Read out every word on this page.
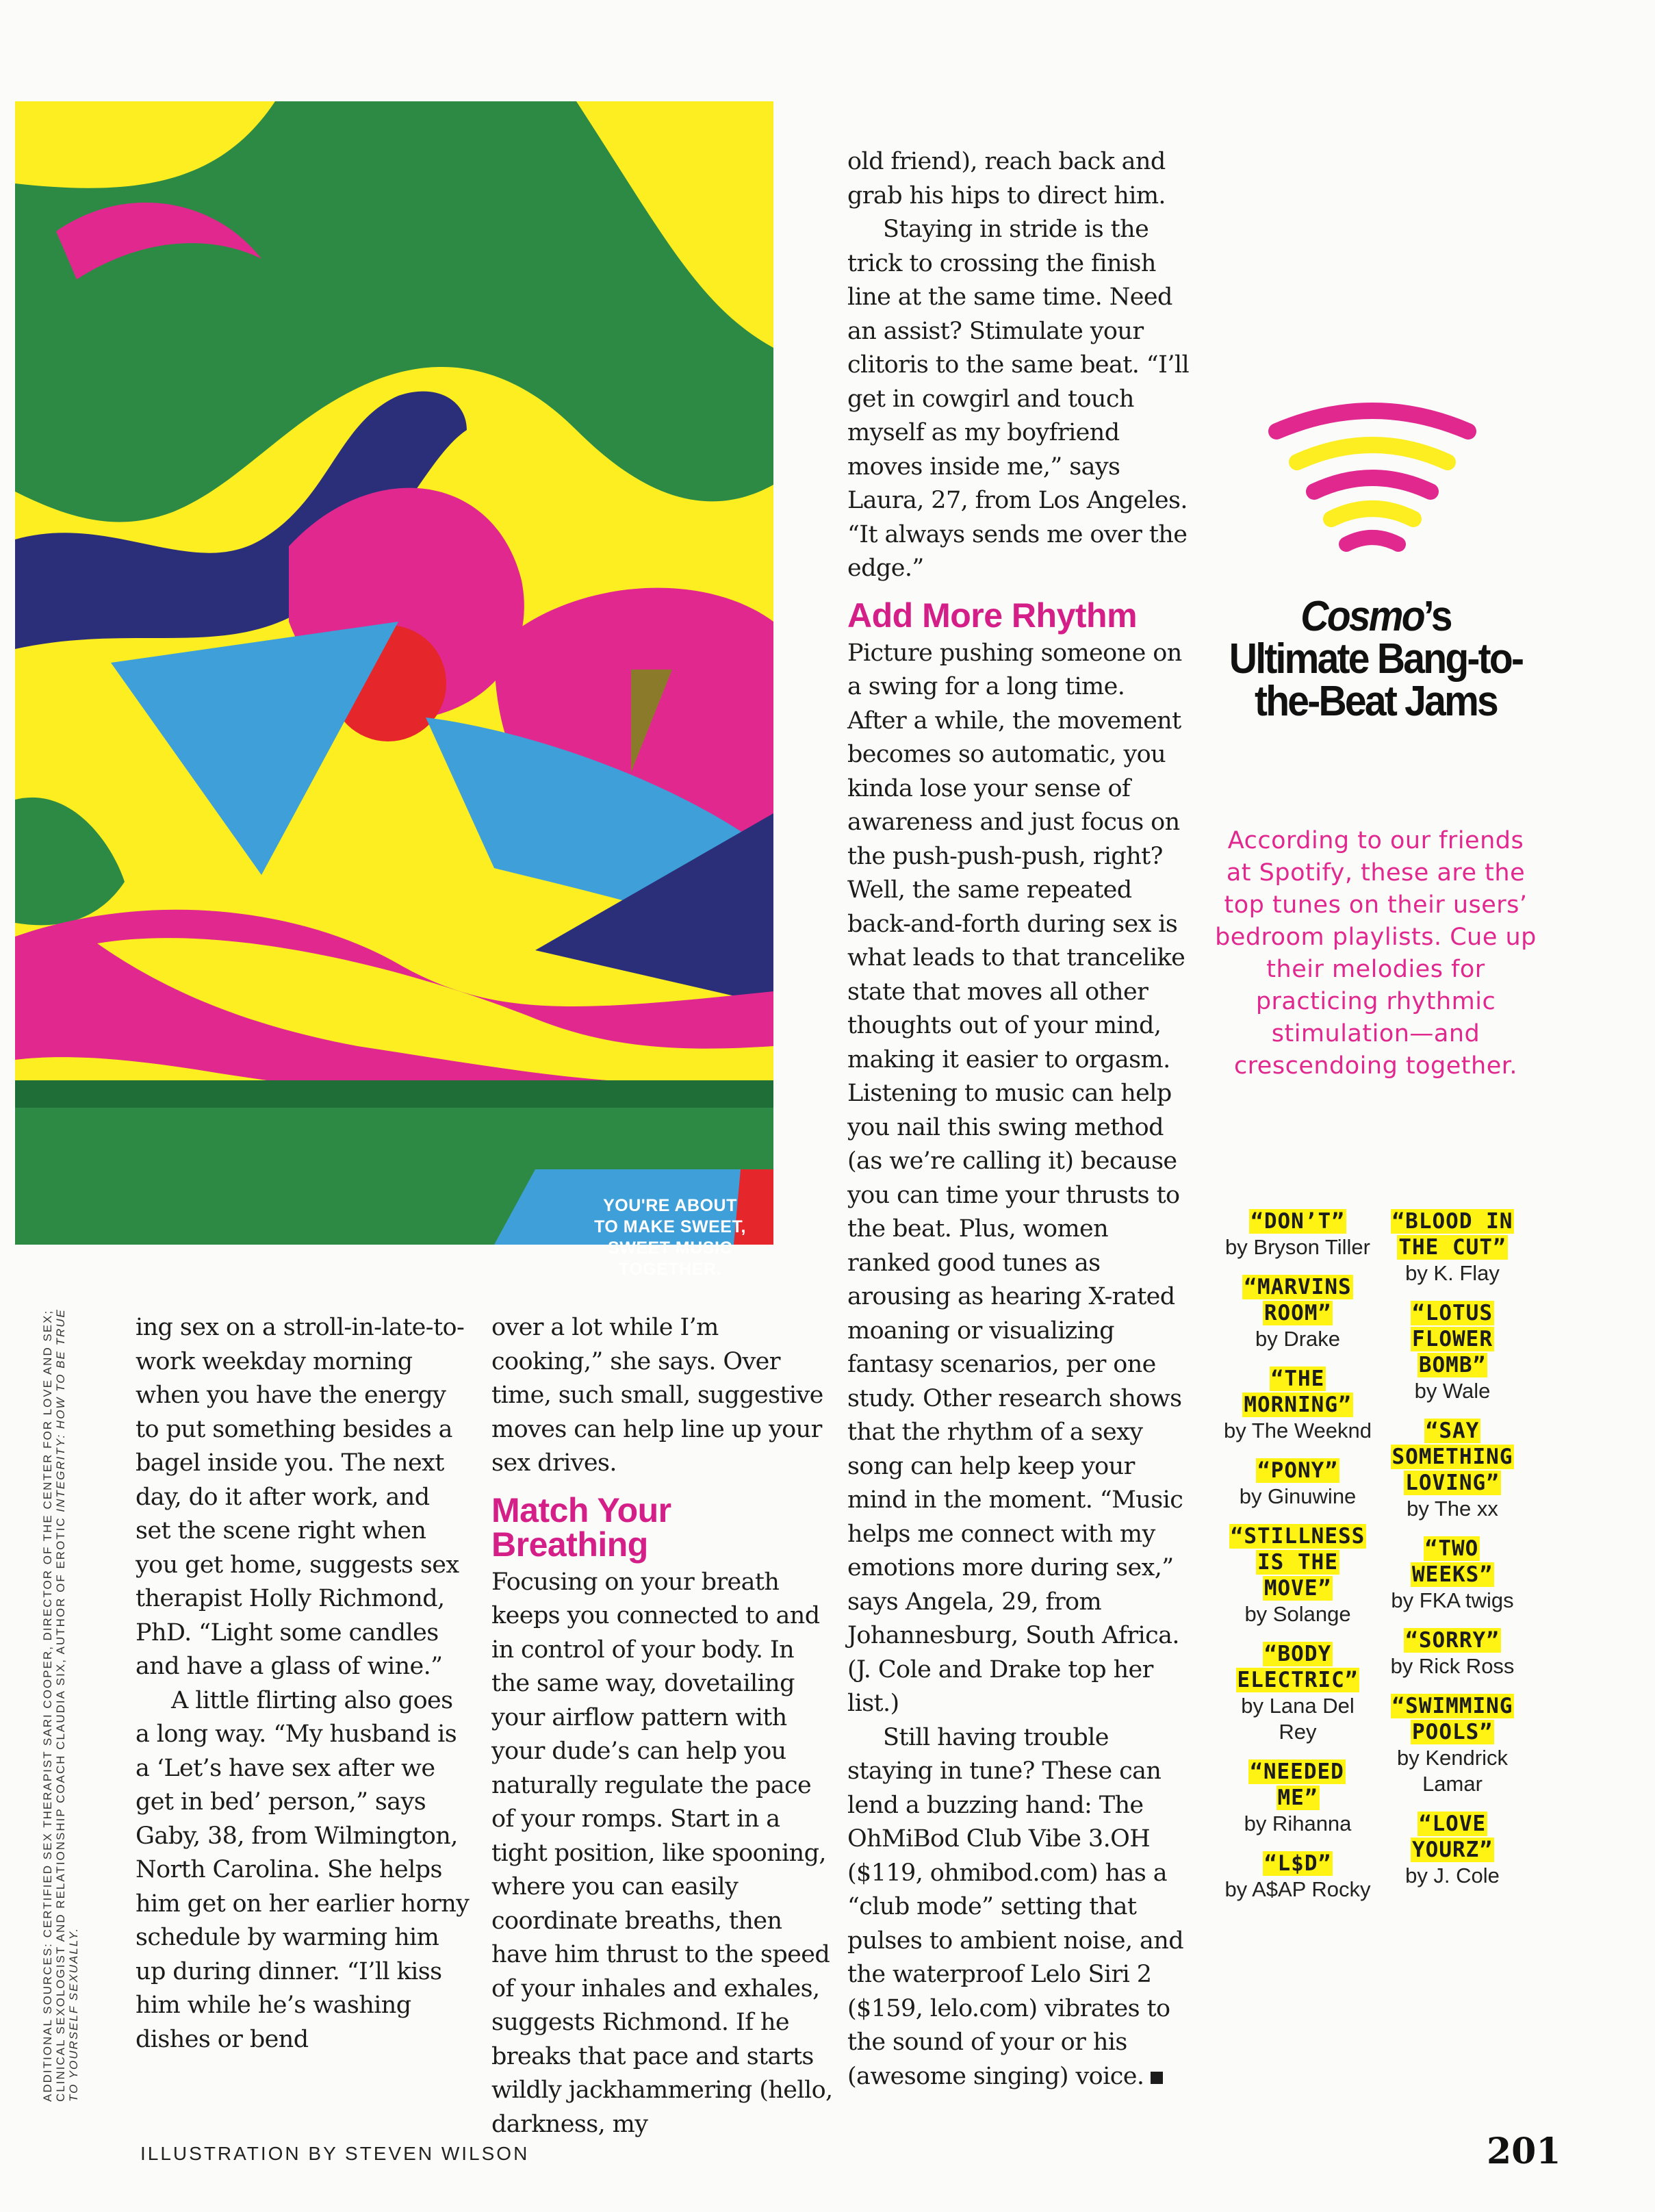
YOU'RE ABOUT
TO MAKE SWEET,
SWEET MUSIC
TOGETHER.

ing sex on a stroll-in-late-to-work weekday morning when you have the energy to put something besides a bagel inside you. The next day, do it after work, and set the scene right when you get home, suggests sex therapist Holly Richmond, PhD. “Light some candles and have a glass of wine.”

A little flirting also goes a long way. “My husband is a ‘Let’s have sex after we get in bed’ person,” says Gaby, 38, from Wilmington, North Carolina. She helps him get on her earlier horny schedule by warming him up during dinner. “I’ll kiss him while he’s washing dishes or bend

over a lot while I’m cooking,” she says. Over time, such small, suggestive moves can help line up your sex drives.

Match Your Breathing

Focusing on your breath keeps you connected to and in control of your body. In the same way, dovetailing your airflow pattern with your dude’s can help you naturally regulate the pace of your romps. Start in a tight position, like spooning, where you can easily coordinate breaths, then have him thrust to the speed of your inhales and exhales, suggests Richmond. If he breaks that pace and starts wildly jackhammering (hello, darkness, my

old friend), reach back and grab his hips to direct him.

Staying in stride is the trick to crossing the finish line at the same time. Need an assist? Stimulate your clitoris to the same beat. “I’ll get in cowgirl and touch myself as my boyfriend moves inside me,” says Laura, 27, from Los Angeles. “It always sends me over the edge.”

Add More Rhythm

Picture pushing someone on a swing for a long time. After a while, the movement becomes so automatic, you kinda lose your sense of awareness and just focus on the push-push-push, right? Well, the same repeated back-and-forth during sex is what leads to that trancelike state that moves all other thoughts out of your mind, making it easier to orgasm. Listening to music can help you nail this swing method (as we’re calling it) because you can time your thrusts to the beat. Plus, women ranked good tunes as arousing as hearing X-rated moaning or visualizing fantasy scenarios, per one study. Other research shows that the rhythm of a sexy song can help keep your mind in the moment. “Music helps me connect with my emotions more during sex,” says Angela, 29, from Johannesburg, South Africa. (J. Cole and Drake top her list.)

Still having trouble staying in tune? These can lend a buzzing hand: The OhMiBod Club Vibe 3.OH ($119, ohmibod.com) has a “club mode” setting that pulses to ambient noise, and the waterproof Lelo Siri 2 ($159, lelo.com) vibrates to the sound of your or his (awesome singing) voice.

Cosmo’s
Ultimate Bang-to-the-Beat Jams
According to our friends at Spotify, these are the top tunes on their users’ bedroom playlists. Cue up their melodies for practicing rhythmic stimulation—and crescendoing together.
“DON’T”
by Bryson Tiller
“MARVINS ROOM”
by Drake
“THE MORNING”
by The Weeknd
“PONY”
by Ginuwine
“STILLNESS IS THE MOVE”
by Solange
“BODY ELECTRIC”
by Lana Del Rey
“NEEDED ME”
by Rihanna
“L$D”
by A$AP Rocky
“BLOOD IN THE CUT”
by K. Flay
“LOTUS FLOWER BOMB”
by Wale
“SAY SOMETHING LOVING”
by The xx
“TWO WEEKS”
by FKA twigs
“SORRY”
by Rick Ross
“SWIMMING POOLS”
by Kendrick Lamar
“LOVE YOURZ”
by J. Cole
ADDITIONAL SOURCES: CERTIFIED SEX THERAPIST SARI COOPER, DIRECTOR OF THE CENTER FOR LOVE AND SEX; CLINICAL SEXOLOGIST AND RELATIONSHIP COACH CLAUDIA SIX, AUTHOR OF EROTIC INTEGRITY: HOW TO BE TRUE TO YOURSELF SEXUALLY.
ILLUSTRATION BY STEVEN WILSON	201
